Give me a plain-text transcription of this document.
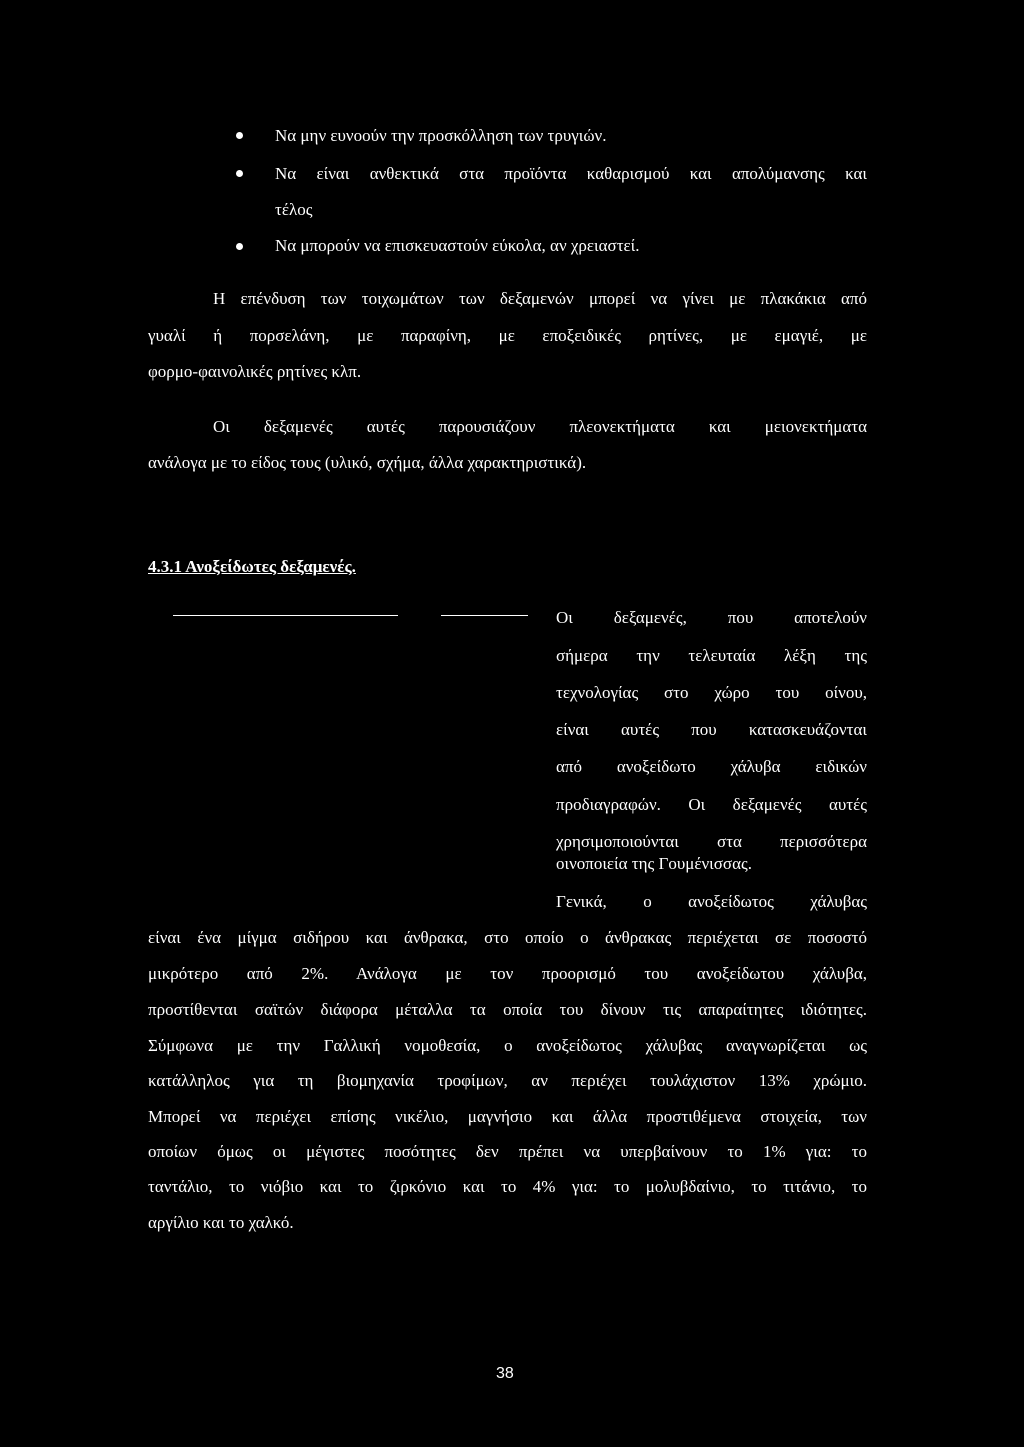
Να μην ευνοούν την προσκόλληση των τρυγιών.
Να είναι ανθεκτικά στα προϊόντα καθαρισμού και απολύμανσης και
τέλος
Να μπορούν να επισκευαστούν εύκολα, αν χρειαστεί.
Η επένδυση των τοιχωμάτων των δεξαμενών μπορεί να γίνει με πλακάκια από
γυαλί ή πορσελάνη, με παραφίνη, με εποξειδικές ρητίνες, με εμαγιέ, με
φορμο-φαινολικές ρητίνες κλπ.
Οι δεξαμενές αυτές παρουσιάζουν πλεονεκτήματα και μειονεκτήματα
ανάλογα με το είδος τους (υλικό, σχήμα, άλλα χαρακτηριστικά).
4.3.1 Ανοξείδωτες δεξαμενές.
Οι δεξαμενές, που αποτελούν
σήμερα την τελευταία λέξη της
τεχνολογίας στο χώρο του οίνου,
είναι αυτές που κατασκευάζονται
από ανοξείδωτο χάλυβα ειδικών
προδιαγραφών. Οι δεξαμενές αυτές
χρησιμοποιούνται στα περισσότερα
οινοποιεία της Γουμένισσας.
Γενικά, ο ανοξείδωτος χάλυβας
είναι ένα μίγμα σιδήρου και άνθρακα, στο οποίο ο άνθρακας περιέχεται σε ποσοστό
μικρότερο από 2%. Ανάλογα με τον προορισμό του ανοξείδωτου χάλυβα,
προστίθενται σαϊτών διάφορα μέταλλα τα οποία του δίνουν τις απαραίτητες ιδιότητες.
Σύμφωνα με την Γαλλική νομοθεσία, ο ανοξείδωτος χάλυβας αναγνωρίζεται ως
κατάλληλος για τη βιομηχανία τροφίμων, αν περιέχει τουλάχιστον 13% χρώμιο.
Μπορεί να περιέχει επίσης νικέλιο, μαγνήσιο και άλλα προστιθέμενα στοιχεία, των
οποίων όμως οι μέγιστες ποσότητες δεν πρέπει να υπερβαίνουν το 1% για: το
ταντάλιο, το νιόβιο και το ζιρκόνιο και το 4% για: το μολυβδαίνιο, το τιτάνιο, το
αργίλιο και το χαλκό.
38
